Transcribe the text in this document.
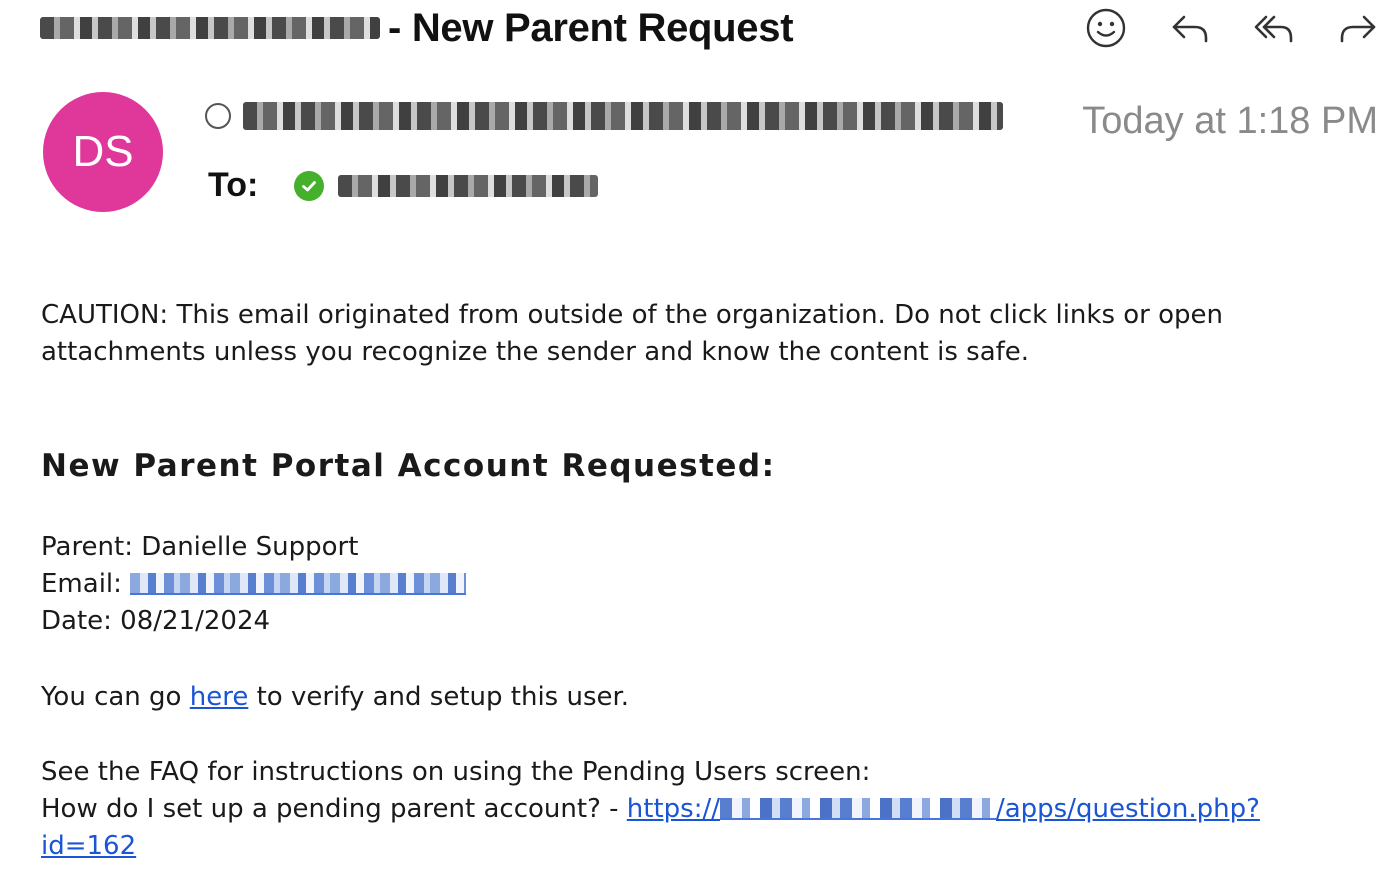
- New Parent Request
DS
Today at 1:18 PM
To:
CAUTION: This email originated from outside of the organization. Do not click links or open
attachments unless you recognize the sender and know the content is safe.
New Parent Portal Account Requested:
Parent: Danielle Support
Email:
Date: 08/21/2024
You can go here to verify and setup this user.
See the FAQ for instructions on using the Pending Users screen:
How do I set up a pending parent account? - https://	/apps/question.php?
id=162
